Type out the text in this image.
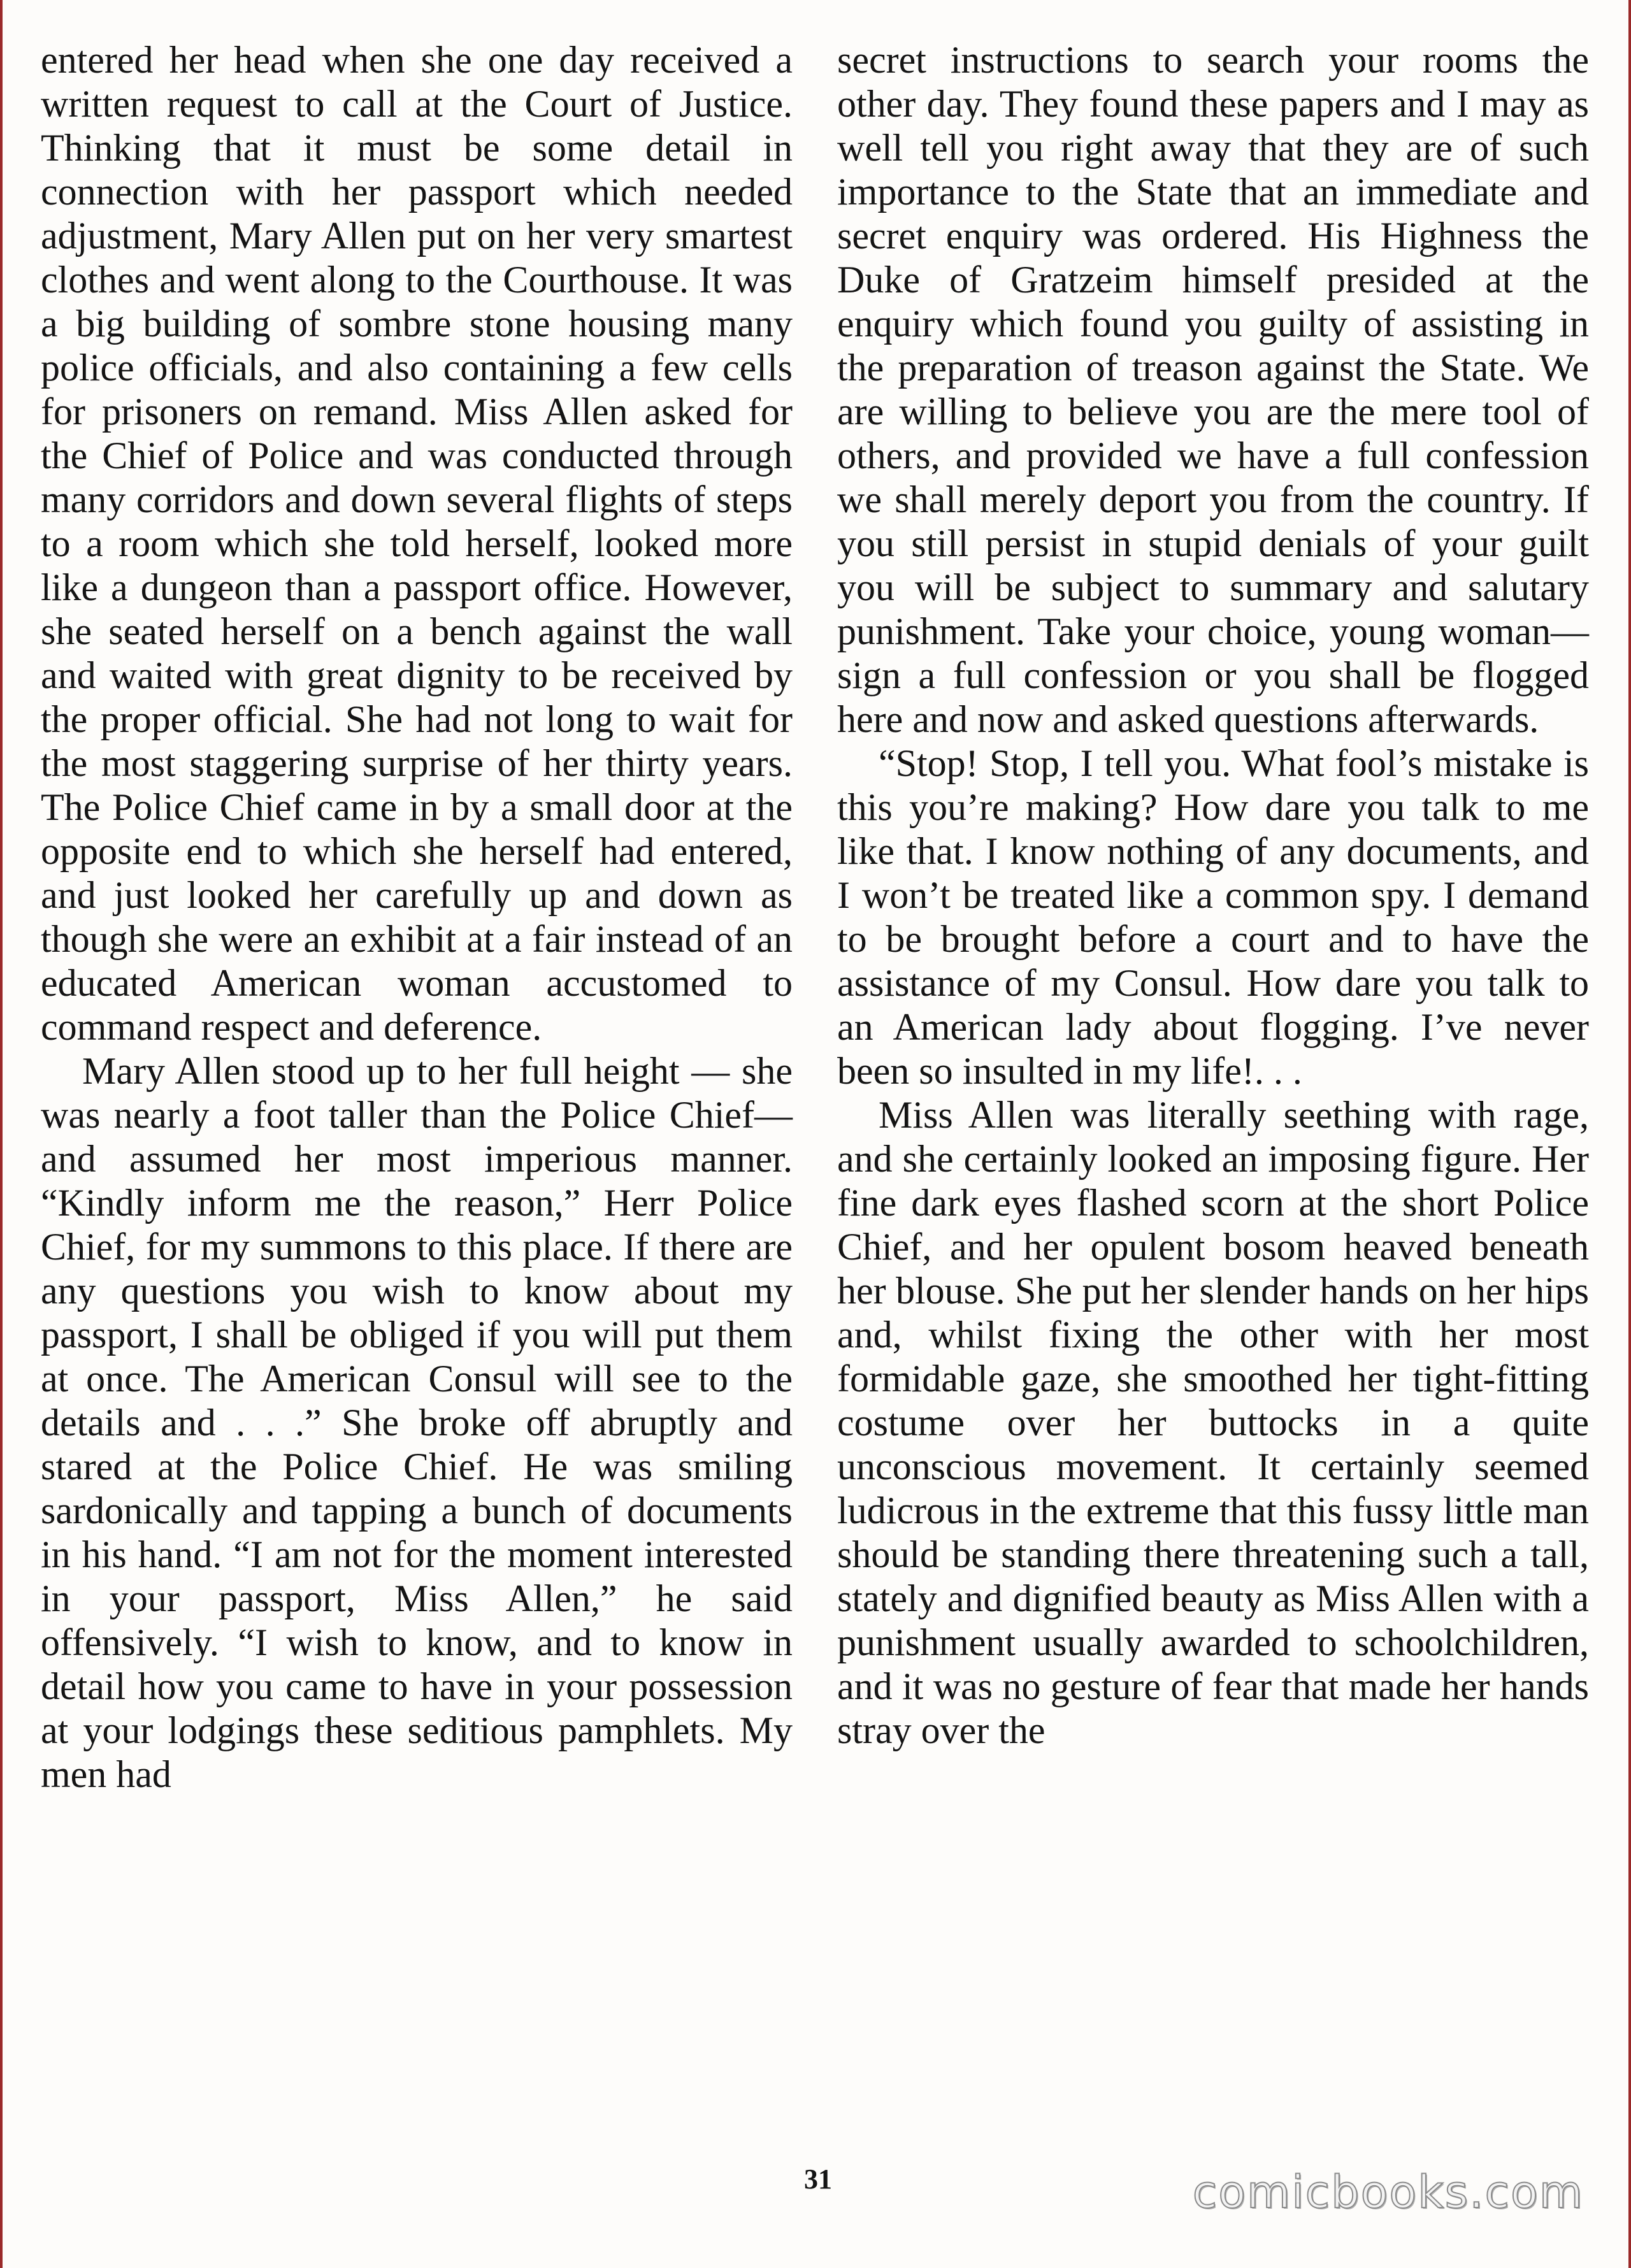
entered her head when she one day received a written request to call at the Court of Justice. Thinking that it must be some detail in connection with her passport which needed adjustment, Mary Allen put on her very smartest clothes and went along to the Courthouse. It was a big building of sombre stone housing many police officials, and also containing a few cells for prisoners on remand. Miss Allen asked for the Chief of Police and was conducted through many corridors and down several flights of steps to a room which she told herself, looked more like a dungeon than a passport office. However, she seated herself on a bench against the wall and waited with great dignity to be received by the proper official. She had not long to wait for the most staggering surprise of her thirty years. The Police Chief came in by a small door at the opposite end to which she herself had entered, and just looked her carefully up and down as though she were an exhibit at a fair instead of an educated American woman accustomed to command respect and deference.

Mary Allen stood up to her full height — she was nearly a foot taller than the Police Chief—and assumed her most imperious manner. “Kindly inform me the reason,” Herr Police Chief, for my summons to this place. If there are any questions you wish to know about my passport, I shall be obliged if you will put them at once. The American Consul will see to the details and . . .” She broke off abruptly and stared at the Police Chief. He was smiling sardonically and tapping a bunch of documents in his hand. “I am not for the moment interested in your passport, Miss Allen,” he said offensively. “I wish to know, and to know in detail how you came to have in your possession at your lodgings these seditious pamphlets. My men had

secret instructions to search your rooms the other day. They found these papers and I may as well tell you right away that they are of such importance to the State that an immediate and secret enquiry was ordered. His Highness the Duke of Gratzeim himself presided at the enquiry which found you guilty of assisting in the preparation of treason against the State. We are willing to believe you are the mere tool of others, and provided we have a full confession we shall merely deport you from the country. If you still persist in stupid denials of your guilt you will be subject to summary and salutary punishment. Take your choice, young woman—sign a full confession or you shall be flogged here and now and asked questions afterwards.

“Stop! Stop, I tell you. What fool’s mistake is this you’re making? How dare you talk to me like that. I know nothing of any documents, and I won’t be treated like a common spy. I demand to be brought before a court and to have the assistance of my Consul. How dare you talk to an American lady about flogging. I’ve never been so insulted in my life!. . .

Miss Allen was literally seething with rage, and she certainly looked an imposing figure. Her fine dark eyes flashed scorn at the short Police Chief, and her opulent bosom heaved beneath her blouse. She put her slender hands on her hips and, whilst fixing the other with her most formidable gaze, she smoothed her tight-fitting costume over her buttocks in a quite unconscious movement. It certainly seemed ludicrous in the extreme that this fussy little man should be standing there threatening such a tall, stately and dignified beauty as Miss Allen with a punishment usually awarded to schoolchildren, and it was no gesture of fear that made her hands stray over the

31	comicbooks.com
